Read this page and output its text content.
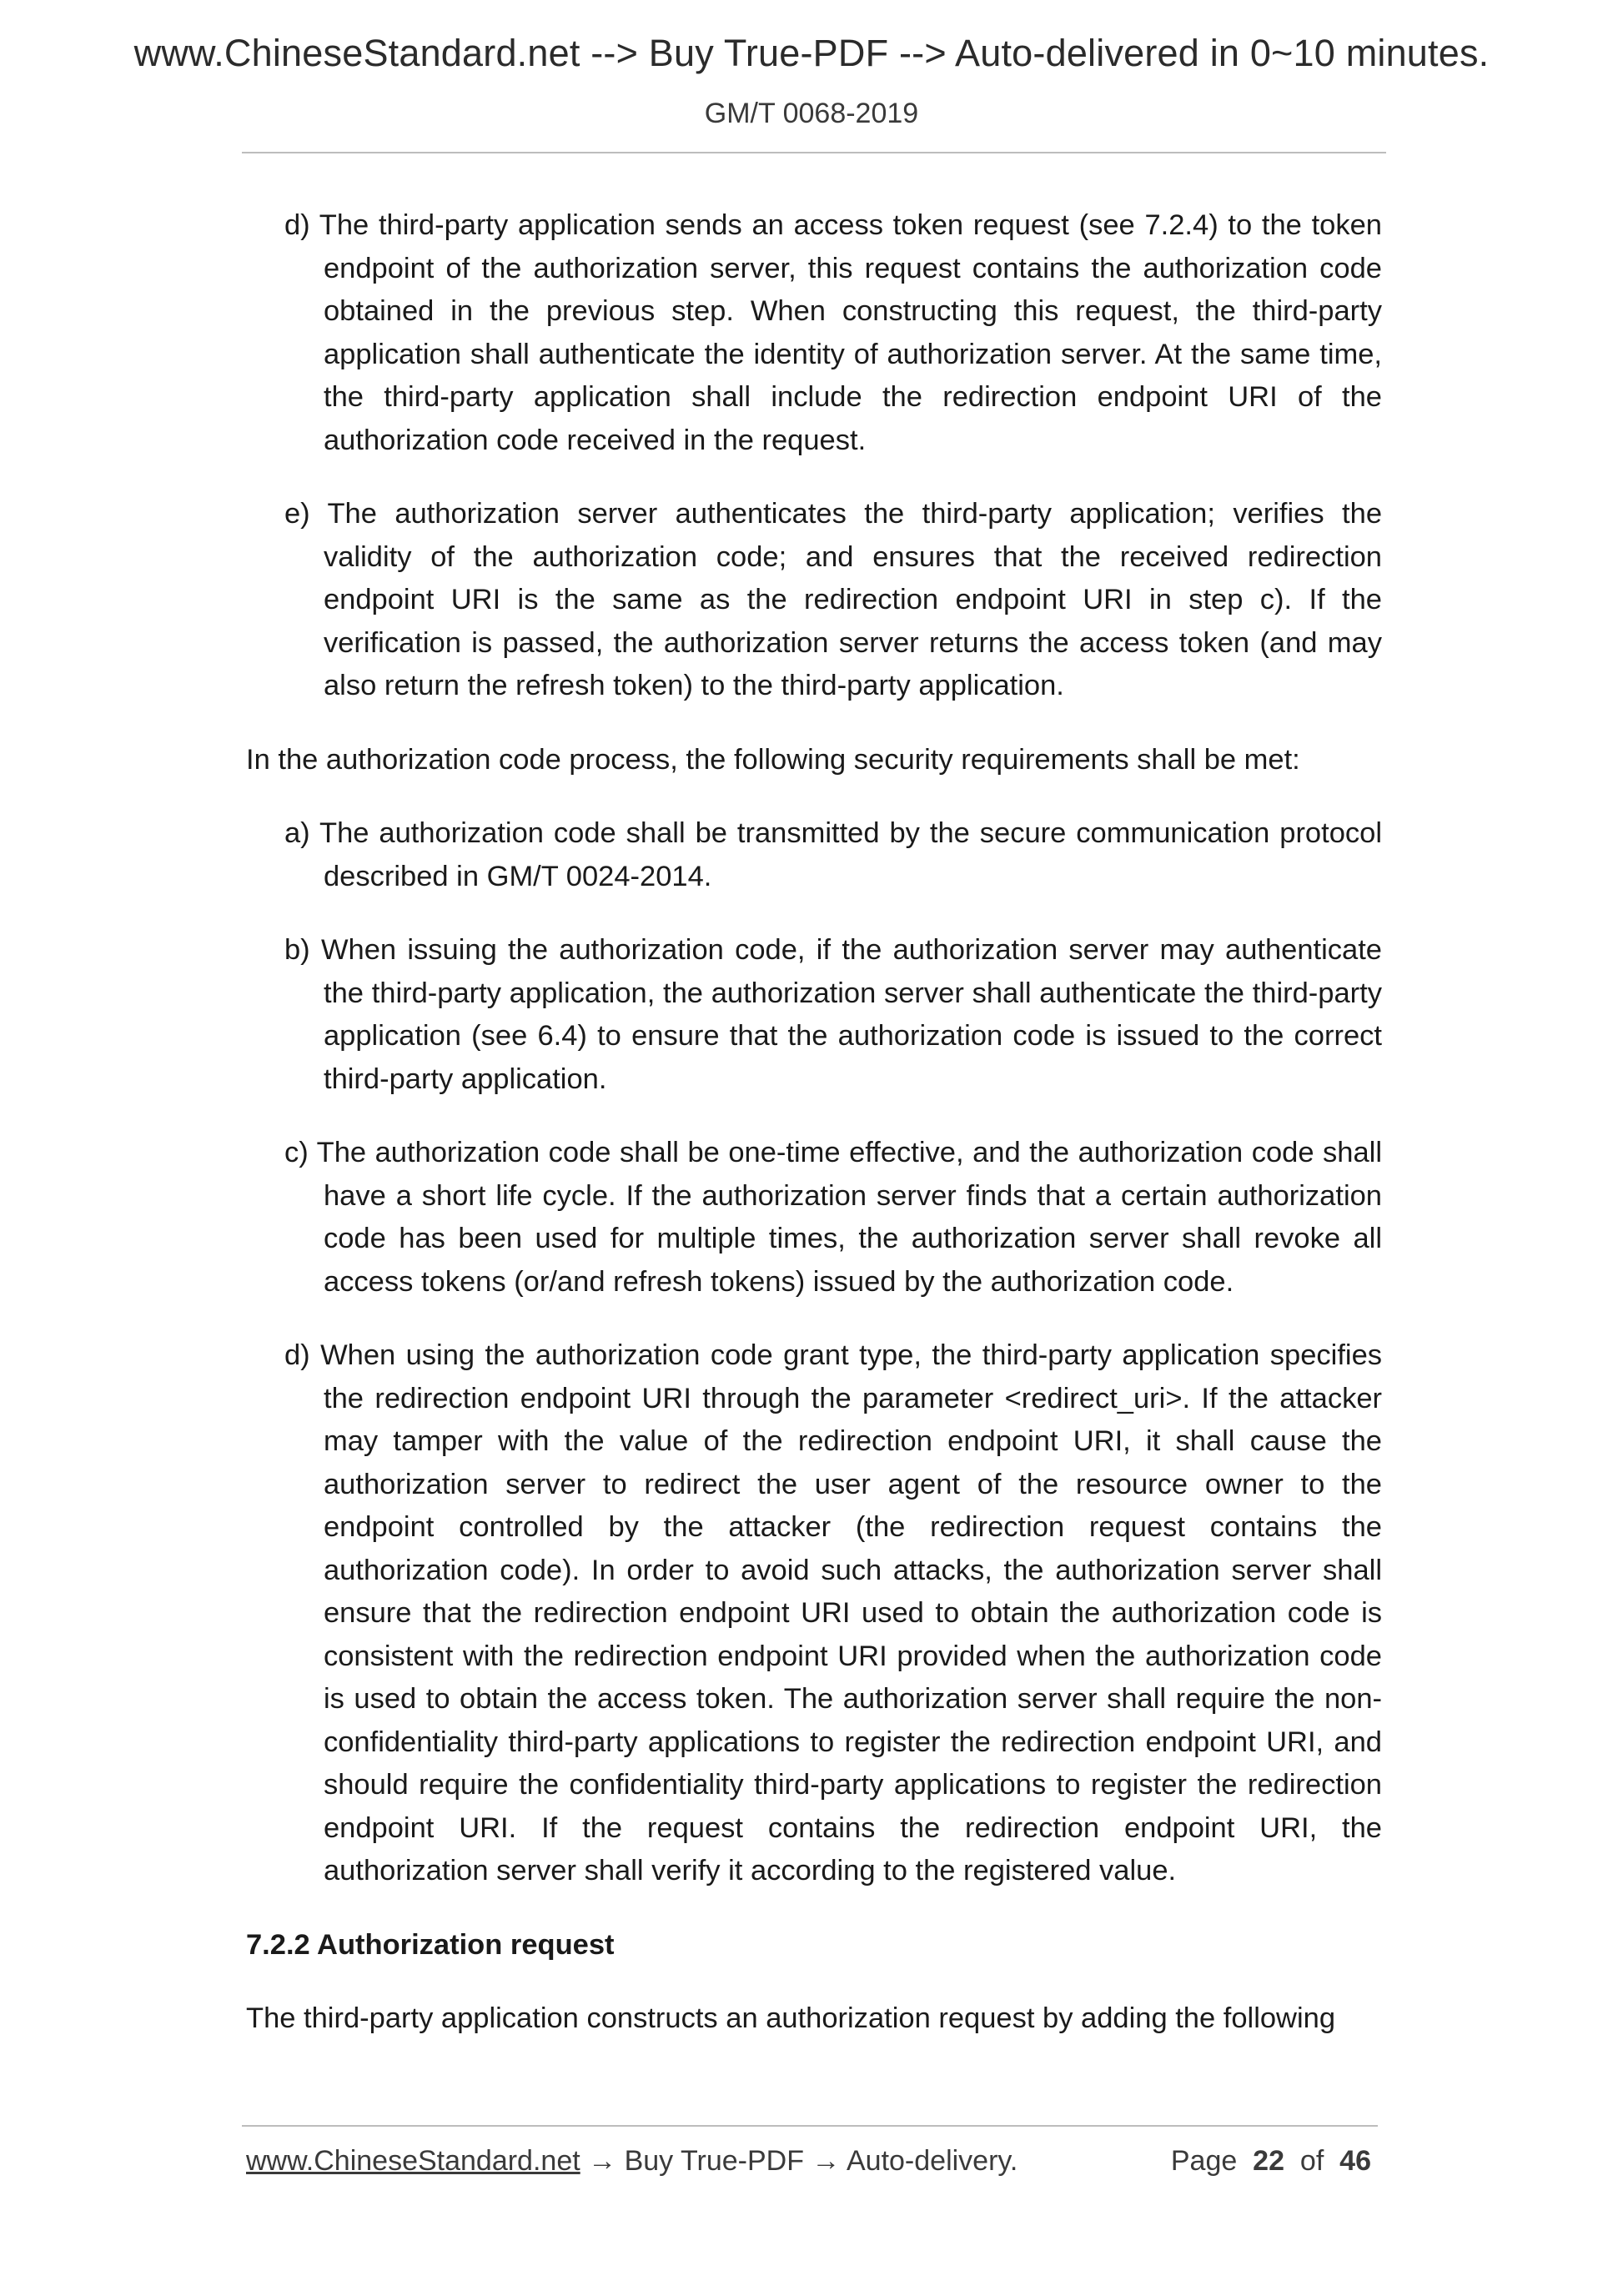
www.ChineseStandard.net --> Buy True-PDF --> Auto-delivered in 0~10 minutes.
GM/T 0068-2019

d) The third-party application sends an access token request (see 7.2.4) to the token endpoint of the authorization server, this request contains the authorization code obtained in the previous step. When constructing this request, the third-party application shall authenticate the identity of authorization server. At the same time, the third-party application shall include the redirection endpoint URI of the authorization code received in the request.

e) The authorization server authenticates the third-party application; verifies the validity of the authorization code; and ensures that the received redirection endpoint URI is the same as the redirection endpoint URI in step c). If the verification is passed, the authorization server returns the access token (and may also return the refresh token) to the third-party application.

In the authorization code process, the following security requirements shall be met:

a) The authorization code shall be transmitted by the secure communication protocol described in GM/T 0024-2014.

b) When issuing the authorization code, if the authorization server may authenticate the third-party application, the authorization server shall authenticate the third-party application (see 6.4) to ensure that the authorization code is issued to the correct third-party application.

c) The authorization code shall be one-time effective, and the authorization code shall have a short life cycle. If the authorization server finds that a certain authorization code has been used for multiple times, the authorization server shall revoke all access tokens (or/and refresh tokens) issued by the authorization code.

d) When using the authorization code grant type, the third-party application specifies the redirection endpoint URI through the parameter <redirect_uri>. If the attacker may tamper with the value of the redirection endpoint URI, it shall cause the authorization server to redirect the user agent of the resource owner to the endpoint controlled by the attacker (the redirection request contains the authorization code). In order to avoid such attacks, the authorization server shall ensure that the redirection endpoint URI used to obtain the authorization code is consistent with the redirection endpoint URI provided when the authorization code is used to obtain the access token. The authorization server shall require the non-confidentiality third-party applications to register the redirection endpoint URI, and should require the confidentiality third-party applications to register the redirection endpoint URI. If the request contains the redirection endpoint URI, the authorization server shall verify it according to the registered value.

7.2.2 Authorization request

The third-party application constructs an authorization request by adding the following

www.ChineseStandard.net → Buy True-PDF → Auto-delivery.	Page 22 of 46
